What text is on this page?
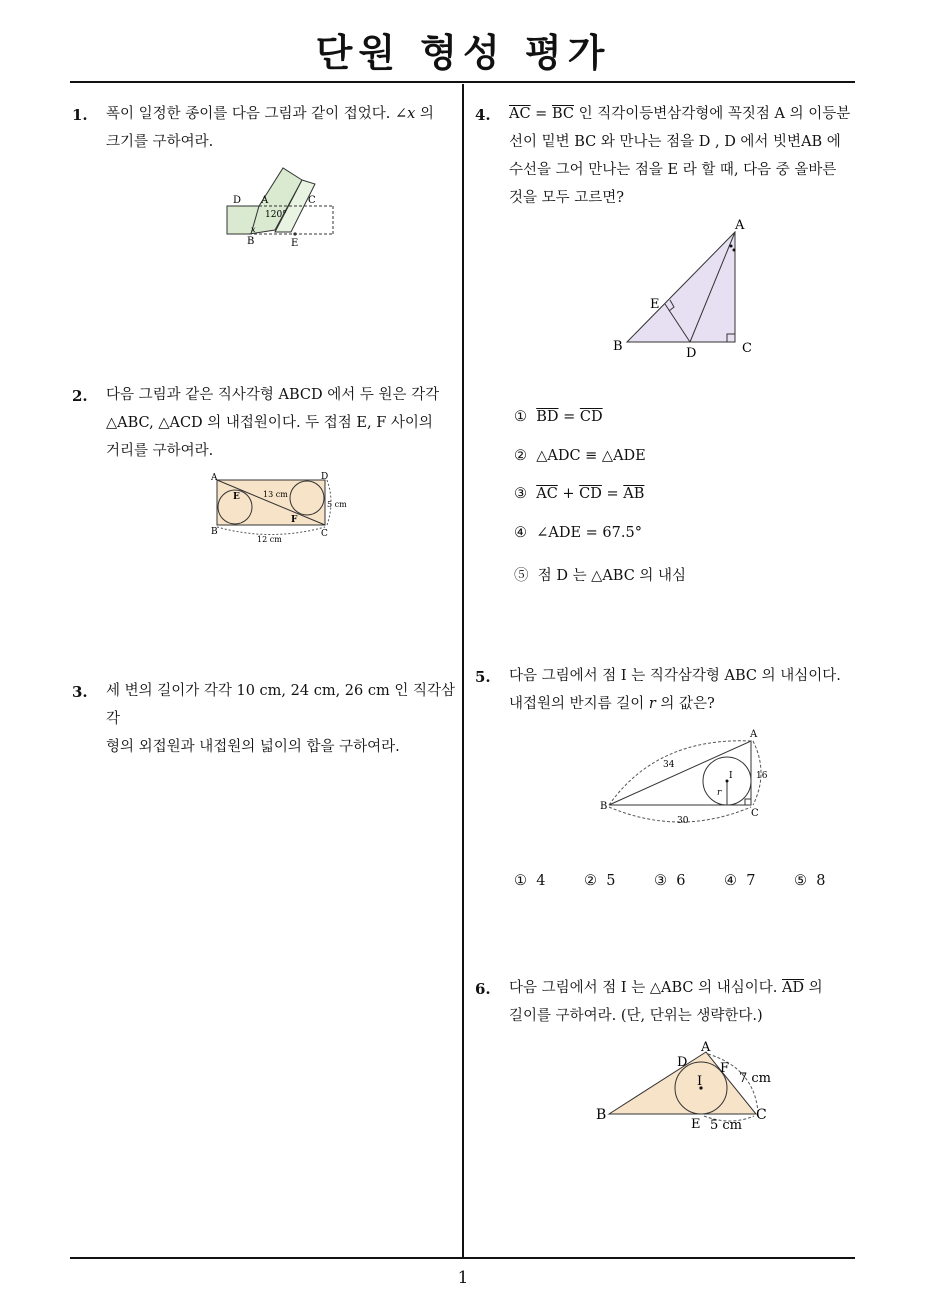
단원 형성 평가
1. 폭이 일정한 종이를 다음 그림과 같이 접었다. ∠𝑥 의
크기를 구하여라.
D A	C
B	E
120°
x
2. 다음 그림과 같은 직사각형 ABCD 에서 두 원은 각각
△ABC, △ACD 의 내접원이다. 두 접점 E, F 사이의
거리를 구하여라.
A	D
B	C
E
F
13 cm
5 cm
12 cm
3. 세 변의 길이가 각각 10 cm, 24 cm, 26 cm 인 직각삼각
형의 외접원과 내접원의 넓이의 합을 구하여라.
4. $\overline{AC} = \overline{BC}$ 인 직각이등변삼각형에 꼭짓점 A 의 이등분
선이 밑변 BC 와 만나는 점을 D , D 에서 빗변AB 에
수선을 그어 만나는 점을 E 라 할 때, 다음 중 올바른
것을 모두 고르면?
A
B	C
D
E
① $\overline{BD} = \overline{CD}$
② △ADC ≡ △ADE
③ $\overline{AC} + \overline{CD} = \overline{AB}$
④ ∠ADE = 67.5°
⑤ 점 D 는 △ABC 의 내심
5. 다음 그림에서 점 I 는 직각삼각형 ABC 의 내심이다.
내접원의 반지름 길이 𝑟 의 값은?
A
B
C
I
r
34
16
30
① 4	② 5	③ 6	④ 7	⑤ 8
6. 다음 그림에서 점 I 는 △ABC 의 내심이다. $\overline{AD}$ 의
길이를 구하여라. (단, 단위는 생략한다.)
A
B	C
D
E
F
I	7 cm
5 cm
1
